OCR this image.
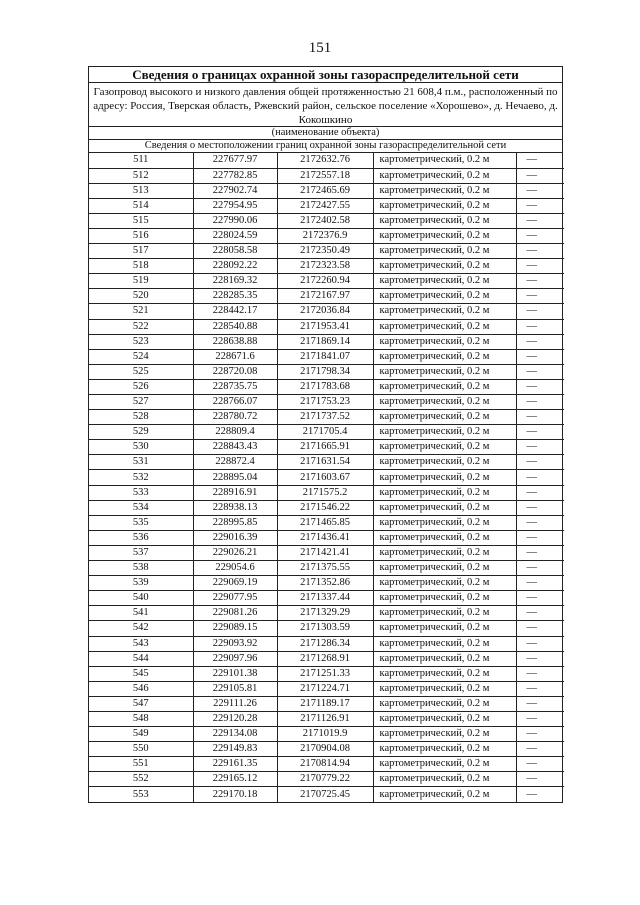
151
Сведения о границах охранной зоны газораспределительной сети
Газопровод высокого и низкого давления общей протяженностью 21 608,4 п.м., расположенный по адресу: Россия, Тверская область, Ржевский район, сельское поселение «Хорошево», д. Нечаево, д. Кокошкино
(наименование объекта)
Сведения о местоположении границ охранной зоны газораспределительной сети
511	227677.97	2172632.76	картометрический, 0.2 м	—
512	227782.85	2172557.18	картометрический, 0.2 м	—
513	227902.74	2172465.69	картометрический, 0.2 м	—
514	227954.95	2172427.55	картометрический, 0.2 м	—
515	227990.06	2172402.58	картометрический, 0.2 м	—
516	228024.59	2172376.9	картометрический, 0.2 м	—
517	228058.58	2172350.49	картометрический, 0.2 м	—
518	228092.22	2172323.58	картометрический, 0.2 м	—
519	228169.32	2172260.94	картометрический, 0.2 м	—
520	228285.35	2172167.97	картометрический, 0.2 м	—
521	228442.17	2172036.84	картометрический, 0.2 м	—
522	228540.88	2171953.41	картометрический, 0.2 м	—
523	228638.88	2171869.14	картометрический, 0.2 м	—
524	228671.6	2171841.07	картометрический, 0.2 м	—
525	228720.08	2171798.34	картометрический, 0.2 м	—
526	228735.75	2171783.68	картометрический, 0.2 м	—
527	228766.07	2171753.23	картометрический, 0.2 м	—
528	228780.72	2171737.52	картометрический, 0.2 м	—
529	228809.4	2171705.4	картометрический, 0.2 м	—
530	228843.43	2171665.91	картометрический, 0.2 м	—
531	228872.4	2171631.54	картометрический, 0.2 м	—
532	228895.04	2171603.67	картометрический, 0.2 м	—
533	228916.91	2171575.2	картометрический, 0.2 м	—
534	228938.13	2171546.22	картометрический, 0.2 м	—
535	228995.85	2171465.85	картометрический, 0.2 м	—
536	229016.39	2171436.41	картометрический, 0.2 м	—
537	229026.21	2171421.41	картометрический, 0.2 м	—
538	229054.6	2171375.55	картометрический, 0.2 м	—
539	229069.19	2171352.86	картометрический, 0.2 м	—
540	229077.95	2171337.44	картометрический, 0.2 м	—
541	229081.26	2171329.29	картометрический, 0.2 м	—
542	229089.15	2171303.59	картометрический, 0.2 м	—
543	229093.92	2171286.34	картометрический, 0.2 м	—
544	229097.96	2171268.91	картометрический, 0.2 м	—
545	229101.38	2171251.33	картометрический, 0.2 м	—
546	229105.81	2171224.71	картометрический, 0.2 м	—
547	229111.26	2171189.17	картометрический, 0.2 м	—
548	229120.28	2171126.91	картометрический, 0.2 м	—
549	229134.08	2171019.9	картометрический, 0.2 м	—
550	229149.83	2170904.08	картометрический, 0.2 м	—
551	229161.35	2170814.94	картометрический, 0.2 м	—
552	229165.12	2170779.22	картометрический, 0.2 м	—
553	229170.18	2170725.45	картометрический, 0.2 м	—
